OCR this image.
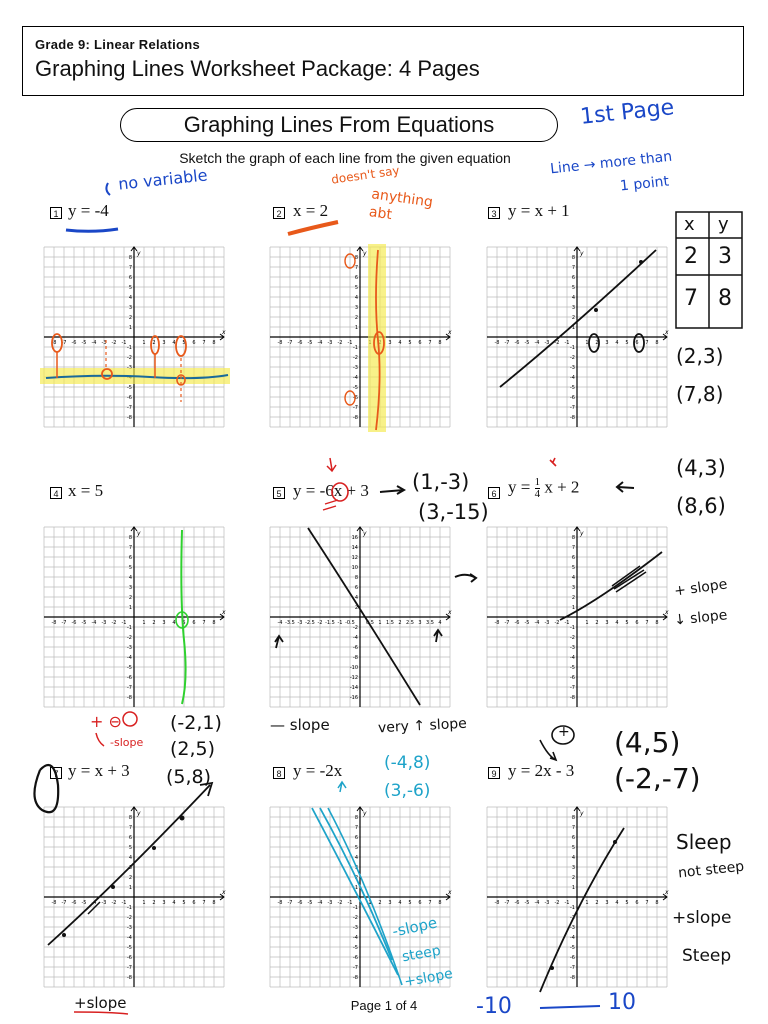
Grade 9: Linear Relations
Graphing Lines Worksheet Package: 4 Pages
Graphing Lines From Equations
Sketch the graph of each line from the given equation
1 y = -4	2 x = 2	3 y = x + 1
4 x = 5	5 y = -6x + 3	6 $y = \frac{1}{4}$ x + 2
7 y = x + 3	8 y = -2x	9 y = 2x - 3
-8 -7 -6 -5 -4 -3 -2 -1	1 2 3 4 5 6 7 8
8
7
6
5
4
3
2
1
-1
-2
-5
-6
-7
-8
x
y
-8 -7 -6 -5 -4 -3 -2 -1	3 4 5 6 7 8
8
7
6
5
4
3
2
1
-1
-2
-3
-4
-5
-6
-7
-8
x
y
-8 -7 -6 -5 -4 -3 -2 -1	1 2 3 4 5 6 7 8
8
7
6
5
4
3
2
1
-1
-2
-3
-4
-5
-6
-7
-8
x
y
-8 -7 -6 -5 -4 -3 -2 -1	1 2 3 4 5 6 7 8
8
7
6
5
4
3
2
1
-1
-2
-3
-4
-5
-6
-7
-8
x
y
-4 -3.5 -3 -2.5 -2 -1.5 -1 -0.5 0.5 1 1.5 2 2.5 3 3.5 4
16
14
12
10
8
6
4
2
-2
-4
-6
-8
-10
-12
-14
-16
x
y
-8 -7 -6 -5 -4 -3 -2 -1	1 2 3 4 5 6 7 8
8
7
6
5
4
3
2
1
-1
-2
-3
-4
-5
-6
-7
-8
x
y
-8 -7 -6 -5 -4 -3 -2 -1	1 2 3 4 5 6 7 8
8
7
6
5
4
3
2
1
-1
-2
-3
-4
-5
-6
-7
-8
x
y
-8 -7 -6 -5 -4 -3 -2 -1	1 2 3 4 5 6 7 8
8
7
6
5
4
3
2
1
-1
-2
-3
-4
-5
-6
-7
-8
x
y
-8 -7 -6 -5 -4 -3 -2 -1	1 2 3 4 5 6 7 8
8
7
6
5
4
3
2
1
-1
-2
-3
-4
-5
-6
-7
-8
x
y
1st Page
no variable	doesn't say
anything abt
Line → more than
1 point
x y
2 3
7 8
(2,3)
(7,8)
(1,-3)
(3,-15)
(4,3)
(8,6)
+ slope
↓ slope
— slope	very ↑ slope
+ ⊖
-slope
(-2,1)
(2,5)
(5,8)
(-4,8)
(3,-6)
+ (4,5)
(-2,-7)
Sleep
not steep
+slope
Steep
-slope
steep
+slope
+slope	-10	10
Page 1 of 4
